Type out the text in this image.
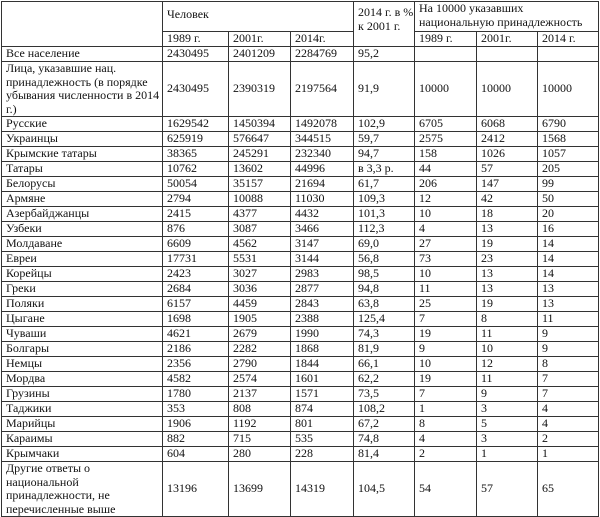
	Человек			2014 г. в % к 2001 г.	На 10000 указавших национальную принадлежность		
	1989 г.	2001г.	2014г.		1989 г.	2001г.	2014 г.
Все население	2430495	2401209	2284769	95,2			
Лица, указавшие нац. принадлежность (в порядке убывания численности в 2014 г.)	2430495	2390319	2197564	91,9	10000	10000	10000
Русские	1629542	1450394	1492078	102,9	6705	6068	6790
Украинцы	625919	576647	344515	59,7	2575	2412	1568
Крымские татары	38365	245291	232340	94,7	158	1026	1057
Татары	10762	13602	44996	в 3,3 р.	44	57	205
Белорусы	50054	35157	21694	61,7	206	147	99
Армяне	2794	10088	11030	109,3	12	42	50
Азербайджанцы	2415	4377	4432	101,3	10	18	20
Узбеки	876	3087	3466	112,3	4	13	16
Молдаване	6609	4562	3147	69,0	27	19	14
Евреи	17731	5531	3144	56,8	73	23	14
Корейцы	2423	3027	2983	98,5	10	13	14
Греки	2684	3036	2877	94,8	11	13	13
Поляки	6157	4459	2843	63,8	25	19	13
Цыгане	1698	1905	2388	125,4	7	8	11
Чуваши	4621	2679	1990	74,3	19	11	9
Болгары	2186	2282	1868	81,9	9	10	9
Немцы	2356	2790	1844	66,1	10	12	8
Мордва	4582	2574	1601	62,2	19	11	7
Грузины	1780	2137	1571	73,5	7	9	7
Таджики	353	808	874	108,2	1	3	4
Марийцы	1906	1192	801	67,2	8	5	4
Караимы	882	715	535	74,8	4	3	2
Крымчаки	604	280	228	81,4	2	1	1
Другие ответы о национальной принадлежности, не перечисленные выше	13196	13699	14319	104,5	54	57	65
